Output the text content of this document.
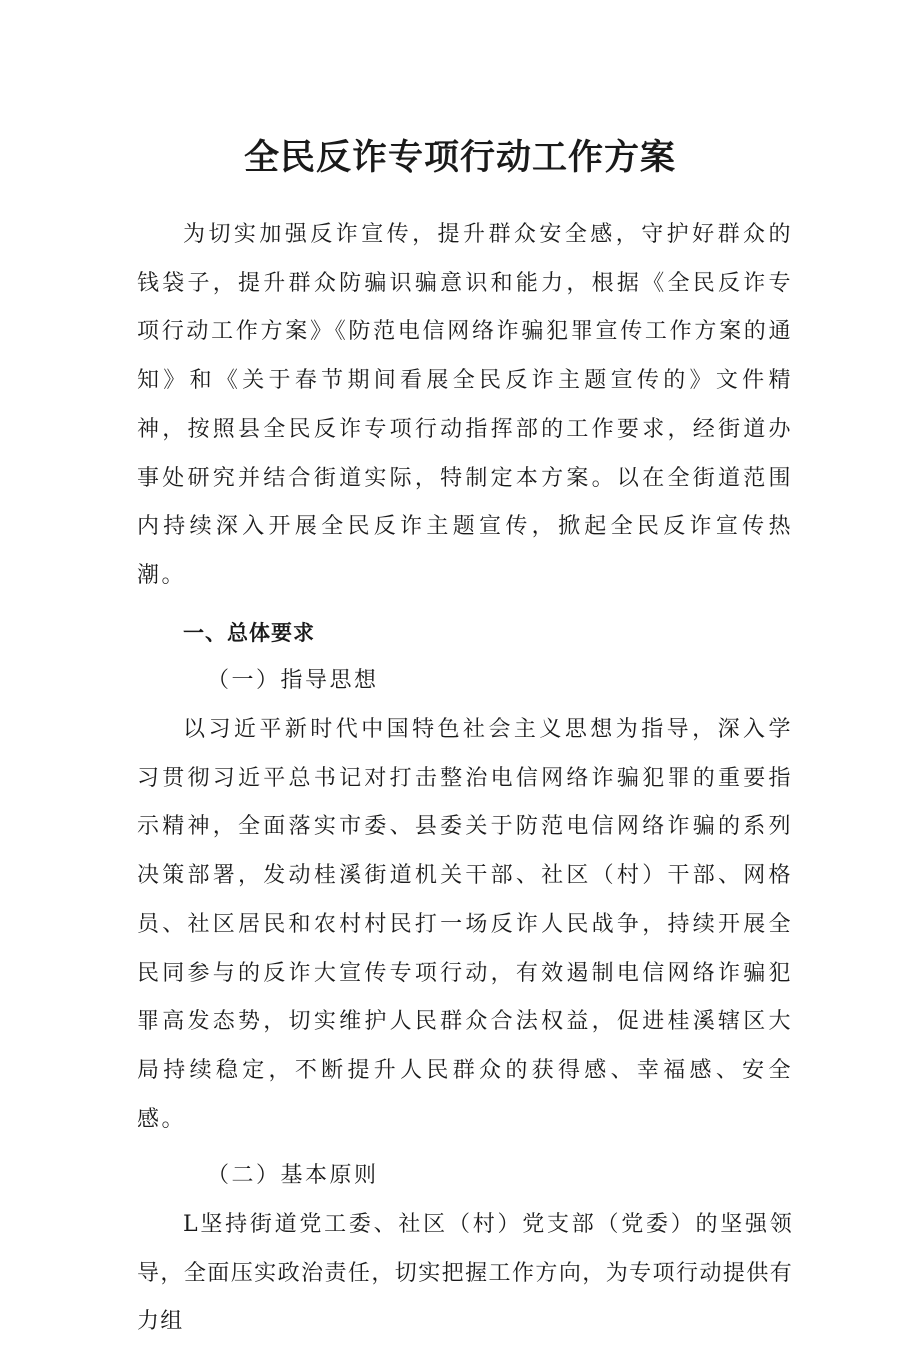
全民反诈专项行动工作方案

为切实加强反诈宣传，提升群众安全感，守护好群众的钱袋子，提升群众防骗识骗意识和能力，根据《全民反诈专项行动工作方案》《防范电信网络诈骗犯罪宣传工作方案的通知》和《关于春节期间看展全民反诈主题宣传的》文件精神，按照县全民反诈专项行动指挥部的工作要求，经街道办事处研究并结合街道实际，特制定本方案。以在全街道范围内持续深入开展全民反诈主题宣传，掀起全民反诈宣传热潮。

一、总体要求

（一）指导思想

以习近平新时代中国特色社会主义思想为指导，深入学习贯彻习近平总书记对打击整治电信网络诈骗犯罪的重要指示精神，全面落实市委、县委关于防范电信网络诈骗的系列决策部署，发动桂溪街道机关干部、社区（村）干部、网格员、社区居民和农村村民打一场反诈人民战争，持续开展全民同参与的反诈大宣传专项行动，有效遏制电信网络诈骗犯罪高发态势，切实维护人民群众合法权益，促进桂溪辖区大局持续稳定，不断提升人民群众的获得感、幸福感、安全感。

（二）基本原则

L坚持街道党工委、社区（村）党支部（党委）的坚强领导，全面压实政治责任，切实把握工作方向，为专项行动提供有力组
